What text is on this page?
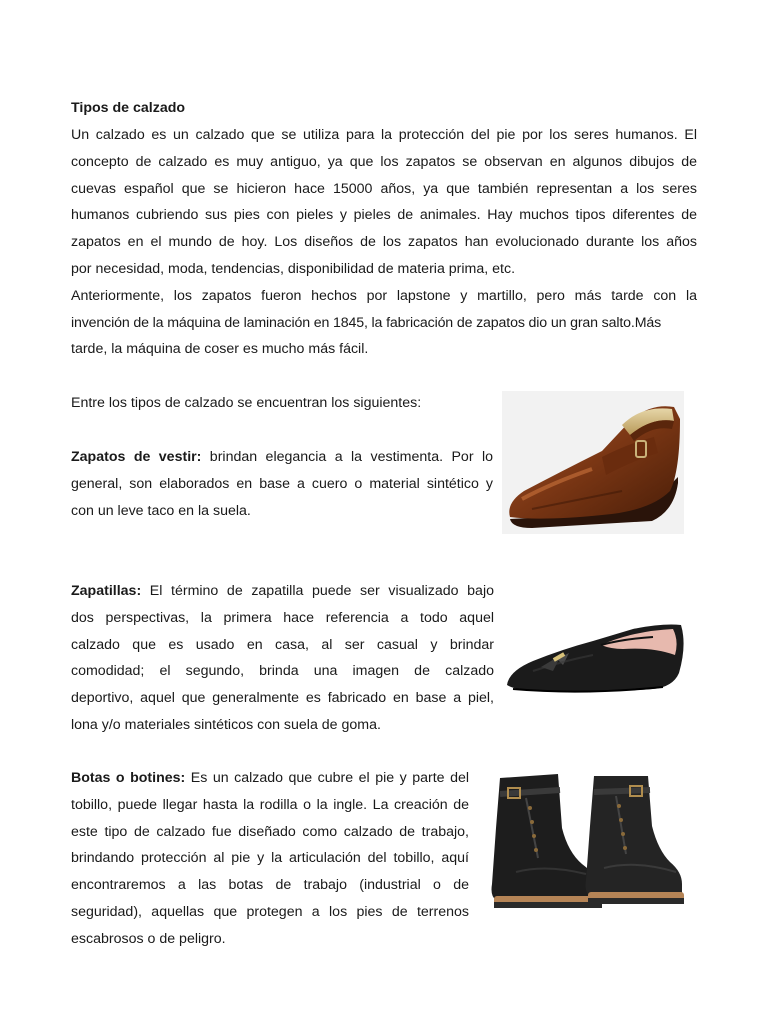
Tipos de calzado
Un calzado es un calzado que se utiliza para la protección del pie por los seres humanos. El
concepto de calzado es muy antiguo, ya que los zapatos se observan en algunos dibujos de
cuevas español que se hicieron hace 15000 años, ya que también representan a los seres
humanos cubriendo sus pies con pieles y pieles de animales. Hay muchos tipos diferentes de
zapatos en el mundo de hoy. Los diseños de los zapatos han evolucionado durante los años
por necesidad, moda, tendencias, disponibilidad de materia prima, etc.
Anteriormente, los zapatos fueron hechos por lapstone y martillo, pero más tarde con la
invención de la máquina de laminación en 1845, la fabricación de zapatos dio un gran salto.Más
tarde, la máquina de coser es mucho más fácil.
Entre los tipos de calzado se encuentran los siguientes:
Zapatos de vestir: brindan elegancia a la vestimenta. Por lo
general, son elaborados en base a cuero o material sintético y
con un leve taco en la suela.
Zapatillas: El término de zapatilla puede ser visualizado bajo
dos perspectivas, la primera hace referencia a todo aquel
calzado que es usado en casa, al ser casual y brindar
comodidad; el segundo, brinda una imagen de calzado
deportivo, aquel que generalmente es fabricado en base a piel,
lona y/o materiales sintéticos con suela de goma.
Botas o botines: Es un calzado que cubre el pie y parte del
tobillo, puede llegar hasta la rodilla o la ingle. La creación de
este tipo de calzado fue diseñado como calzado de trabajo,
brindando protección al pie y la articulación del tobillo, aquí
encontraremos a las botas de trabajo (industrial o de
seguridad), aquellas que protegen a los pies de terrenos
escabrosos o de peligro.
